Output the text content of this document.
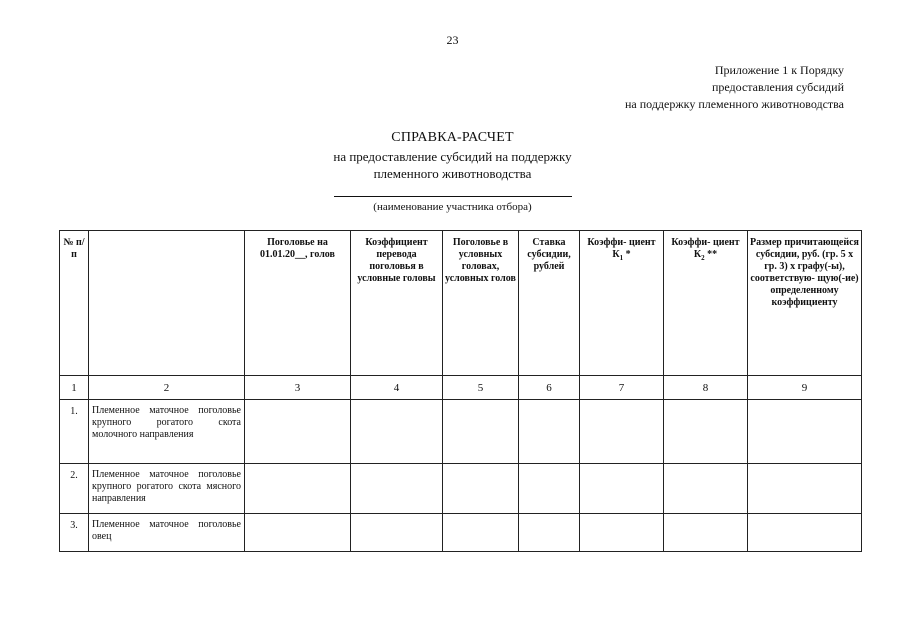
23
Приложение 1 к Порядку
предоставления субсидий
на поддержку племенного животноводства
СПРАВКА-РАСЧЕТ
на предоставление субсидий на поддержку
племенного животноводства
(наименование участника отбора)
№ п/п		Поголовье на 01.01.20__, голов	Коэффициент перевода поголовья в условные головы	Поголовье в условных головах, условных голов	Ставка субсидии, рублей	Коэффи- циент $К_1$ *	Коэффи- циент $К_2$ **	Размер причитающейся субсидии, руб. (гр. 5 х гр. 3) х графу(-ы), соответствую- щую(-ие) определенному коэффициенту
1	2	3	4	5	6	7	8	9
1.	Племенное маточное поголовье крупного рогатого скота молочного направления							
2.	Племенное маточное поголовье крупного рогатого скота мясного направления							
3.	Племенное маточное поголовье овец							
